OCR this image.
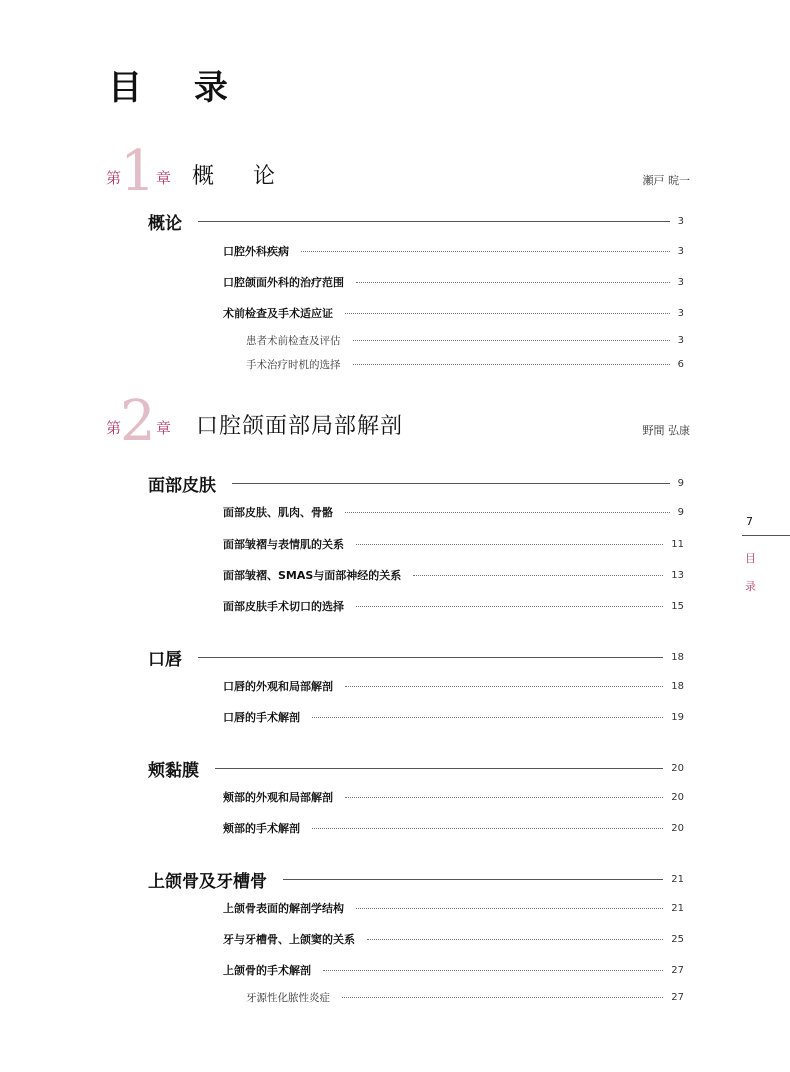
目 录
第
1 章 概 论	瀬戸 晥一
概论	3
口腔外科疾病	3
口腔颌面外科的治疗范围	3
术前检查及手术适应证	3
患者术前检查及评估	3
手术治疗时机的选择	6
第
2 章 口腔颌面部局部解剖	野間 弘康
面部皮肤	9
面部皮肤、肌肉、骨骼	9
面部皱褶与表情肌的关系	11
面部皱褶、SMAS与面部神经的关系	13
面部皮肤手术切口的选择	15
口唇	18
口唇的外观和局部解剖	18
口唇的手术解剖	19
颊黏膜	20
颊部的外观和局部解剖	20
颊部的手术解剖	20
上颌骨及牙槽骨	21
上颌骨表面的解剖学结构	21
牙与牙槽骨、上颌窦的关系	25
上颌骨的手术解剖	27
牙源性化脓性炎症	27
7
目录
